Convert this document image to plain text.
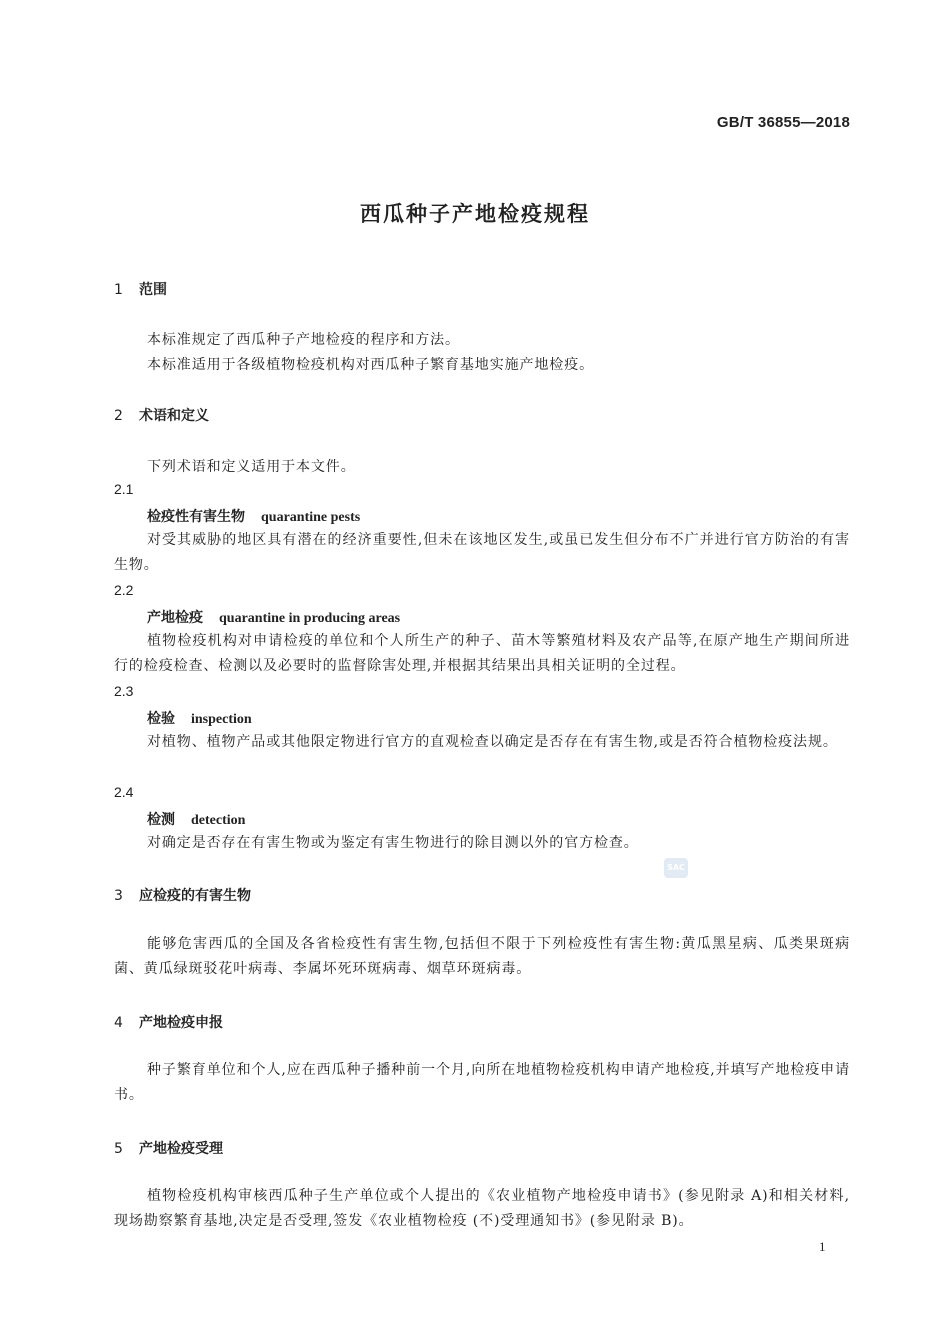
GB/T 36855—2018
西瓜种子产地检疫规程
1 范围
本标准规定了西瓜种子产地检疫的程序和方法。
本标准适用于各级植物检疫机构对西瓜种子繁育基地实施产地检疫。
2 术语和定义
下列术语和定义适用于本文件。
2.1
检疫性有害生物 quarantine pests
对受其威胁的地区具有潜在的经济重要性,但未在该地区发生,或虽已发生但分布不广并进行官方防治的有害生物。
2.2
产地检疫 quarantine in producing areas
植物检疫机构对申请检疫的单位和个人所生产的种子、苗木等繁殖材料及农产品等,在原产地生产期间所进行的检疫检查、检测以及必要时的监督除害处理,并根据其结果出具相关证明的全过程。
2.3
检验 inspection
对植物、植物产品或其他限定物进行官方的直观检查以确定是否存在有害生物,或是否符合植物检疫法规。
2.4
检测 detection
对确定是否存在有害生物或为鉴定有害生物进行的除目测以外的官方检查。
SAC
3 应检疫的有害生物
能够危害西瓜的全国及各省检疫性有害生物,包括但不限于下列检疫性有害生物:黄瓜黑星病、瓜类果斑病菌、黄瓜绿斑驳花叶病毒、李属坏死环斑病毒、烟草环斑病毒。
4 产地检疫申报
种子繁育单位和个人,应在西瓜种子播种前一个月,向所在地植物检疫机构申请产地检疫,并填写产地检疫申请书。
5 产地检疫受理
植物检疫机构审核西瓜种子生产单位或个人提出的《农业植物产地检疫申请书》(参见附录 A)和相关材料,现场勘察繁育基地,决定是否受理,签发《农业植物检疫 (不)受理通知书》(参见附录 B)。
1
